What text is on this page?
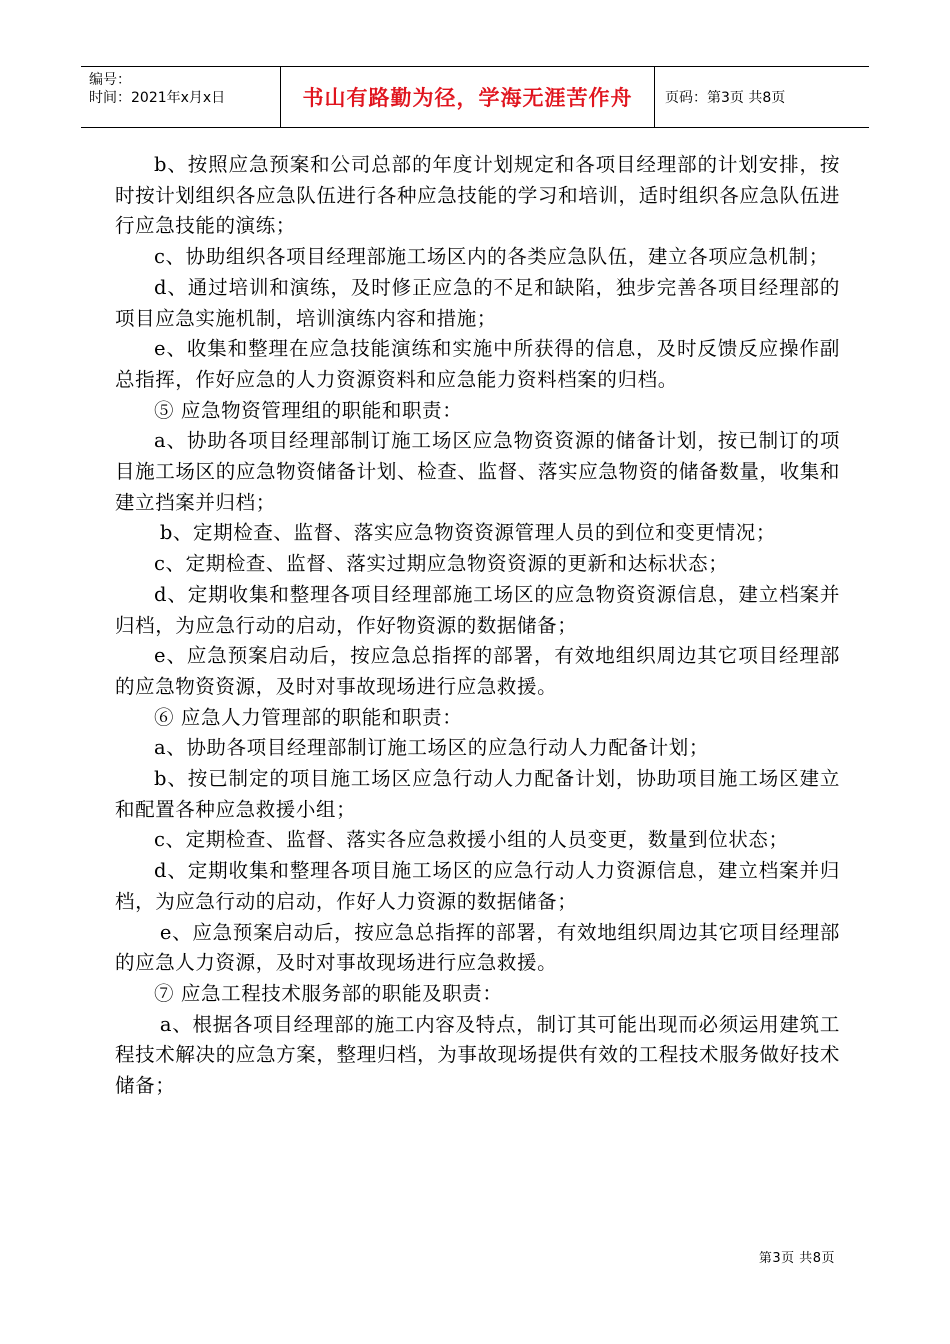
编号：
时间：2021年x月x日	书山有路勤为径，学海无涯苦作舟	页码：第3页 共8页

b、按照应急预案和公司总部的年度计划规定和各项目经理部的计划安排，按时按计划组织各应急队伍进行各种应急技能的学习和培训，适时组织各应急队伍进行应急技能的演练；

c、协助组织各项目经理部施工场区内的各类应急队伍，建立各项应急机制；

d、通过培训和演练，及时修正应急的不足和缺陷，独步完善各项目经理部的项目应急实施机制，培训演练内容和措施；

e、收集和整理在应急技能演练和实施中所获得的信息，及时反馈反应操作副总指挥，作好应急的人力资源资料和应急能力资料档案的归档。

⑤ 应急物资管理组的职能和职责：

a、协助各项目经理部制订施工场区应急物资资源的储备计划，按已制订的项目施工场区的应急物资储备计划、检查、监督、落实应急物资的储备数量，收集和建立挡案并归档；

b、定期检查、监督、落实应急物资资源管理人员的到位和变更情况；

c、定期检查、监督、落实过期应急物资资源的更新和达标状态；

d、定期收集和整理各项目经理部施工场区的应急物资资源信息，建立档案并归档，为应急行动的启动，作好物资源的数据储备；

e、应急预案启动后，按应急总指挥的部署，有效地组织周边其它项目经理部的应急物资资源，及时对事故现场进行应急救援。

⑥ 应急人力管理部的职能和职责：

a、协助各项目经理部制订施工场区的应急行动人力配备计划；

b、按已制定的项目施工场区应急行动人力配备计划，协助项目施工场区建立和配置各种应急救援小组；

c、定期检查、监督、落实各应急救援小组的人员变更，数量到位状态；

d、定期收集和整理各项目施工场区的应急行动人力资源信息，建立档案并归档，为应急行动的启动，作好人力资源的数据储备；

e、应急预案启动后，按应急总指挥的部署，有效地组织周边其它项目经理部的应急人力资源，及时对事故现场进行应急救援。

⑦ 应急工程技术服务部的职能及职责：

a、根据各项目经理部的施工内容及特点，制订其可能出现而必须运用建筑工程技术解决的应急方案，整理归档，为事故现场提供有效的工程技术服务做好技术储备；

第3页 共8页
